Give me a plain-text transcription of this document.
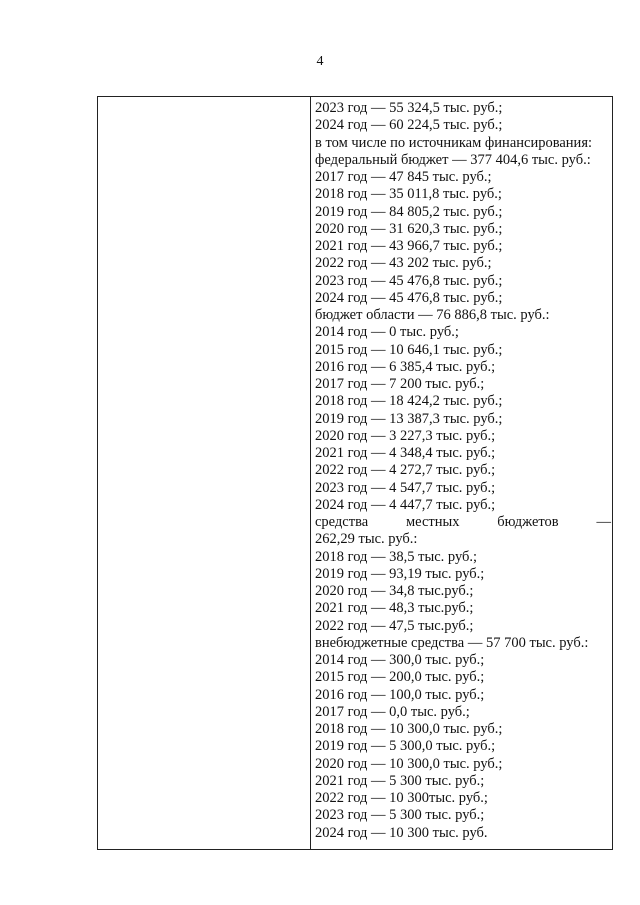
4
2023 год — 55 324,5 тыс. руб.;
2024 год — 60 224,5 тыс. руб.;
в том числе по источникам финансирования:
федеральный бюджет — 377 404,6 тыс. руб.:
2017 год — 47 845 тыс. руб.;
2018 год — 35 011,8 тыс. руб.;
2019 год — 84 805,2 тыс. руб.;
2020 год — 31 620,3 тыс. руб.;
2021 год — 43 966,7 тыс. руб.;
2022 год — 43 202 тыс. руб.;
2023 год — 45 476,8 тыс. руб.;
2024 год — 45 476,8 тыс. руб.;
бюджет области — 76 886,8 тыс. руб.:
2014 год — 0 тыс. руб.;
2015 год — 10 646,1 тыс. руб.;
2016 год — 6 385,4 тыс. руб.;
2017 год — 7 200 тыс. руб.;
2018 год — 18 424,2 тыс. руб.;
2019 год — 13 387,3 тыс. руб.;
2020 год — 3 227,3 тыс. руб.;
2021 год — 4 348,4 тыс. руб.;
2022 год — 4 272,7 тыс. руб.;
2023 год — 4 547,7 тыс. руб.;
2024 год — 4 447,7 тыс. руб.;
средства	местных	бюджетов	—
262,29 тыс. руб.:
2018 год — 38,5 тыс. руб.;
2019 год — 93,19 тыс. руб.;
2020 год — 34,8 тыс.руб.;
2021 год — 48,3 тыс.руб.;
2022 год — 47,5 тыс.руб.;
внебюджетные средства — 57 700 тыс. руб.:
2014 год — 300,0 тыс. руб.;
2015 год — 200,0 тыс. руб.;
2016 год — 100,0 тыс. руб.;
2017 год — 0,0 тыс. руб.;
2018 год — 10 300,0 тыс. руб.;
2019 год — 5 300,0 тыс. руб.;
2020 год — 10 300,0 тыс. руб.;
2021 год — 5 300 тыс. руб.;
2022 год — 10 300тыс. руб.;
2023 год — 5 300 тыс. руб.;
2024 год — 10 300 тыс. руб.
